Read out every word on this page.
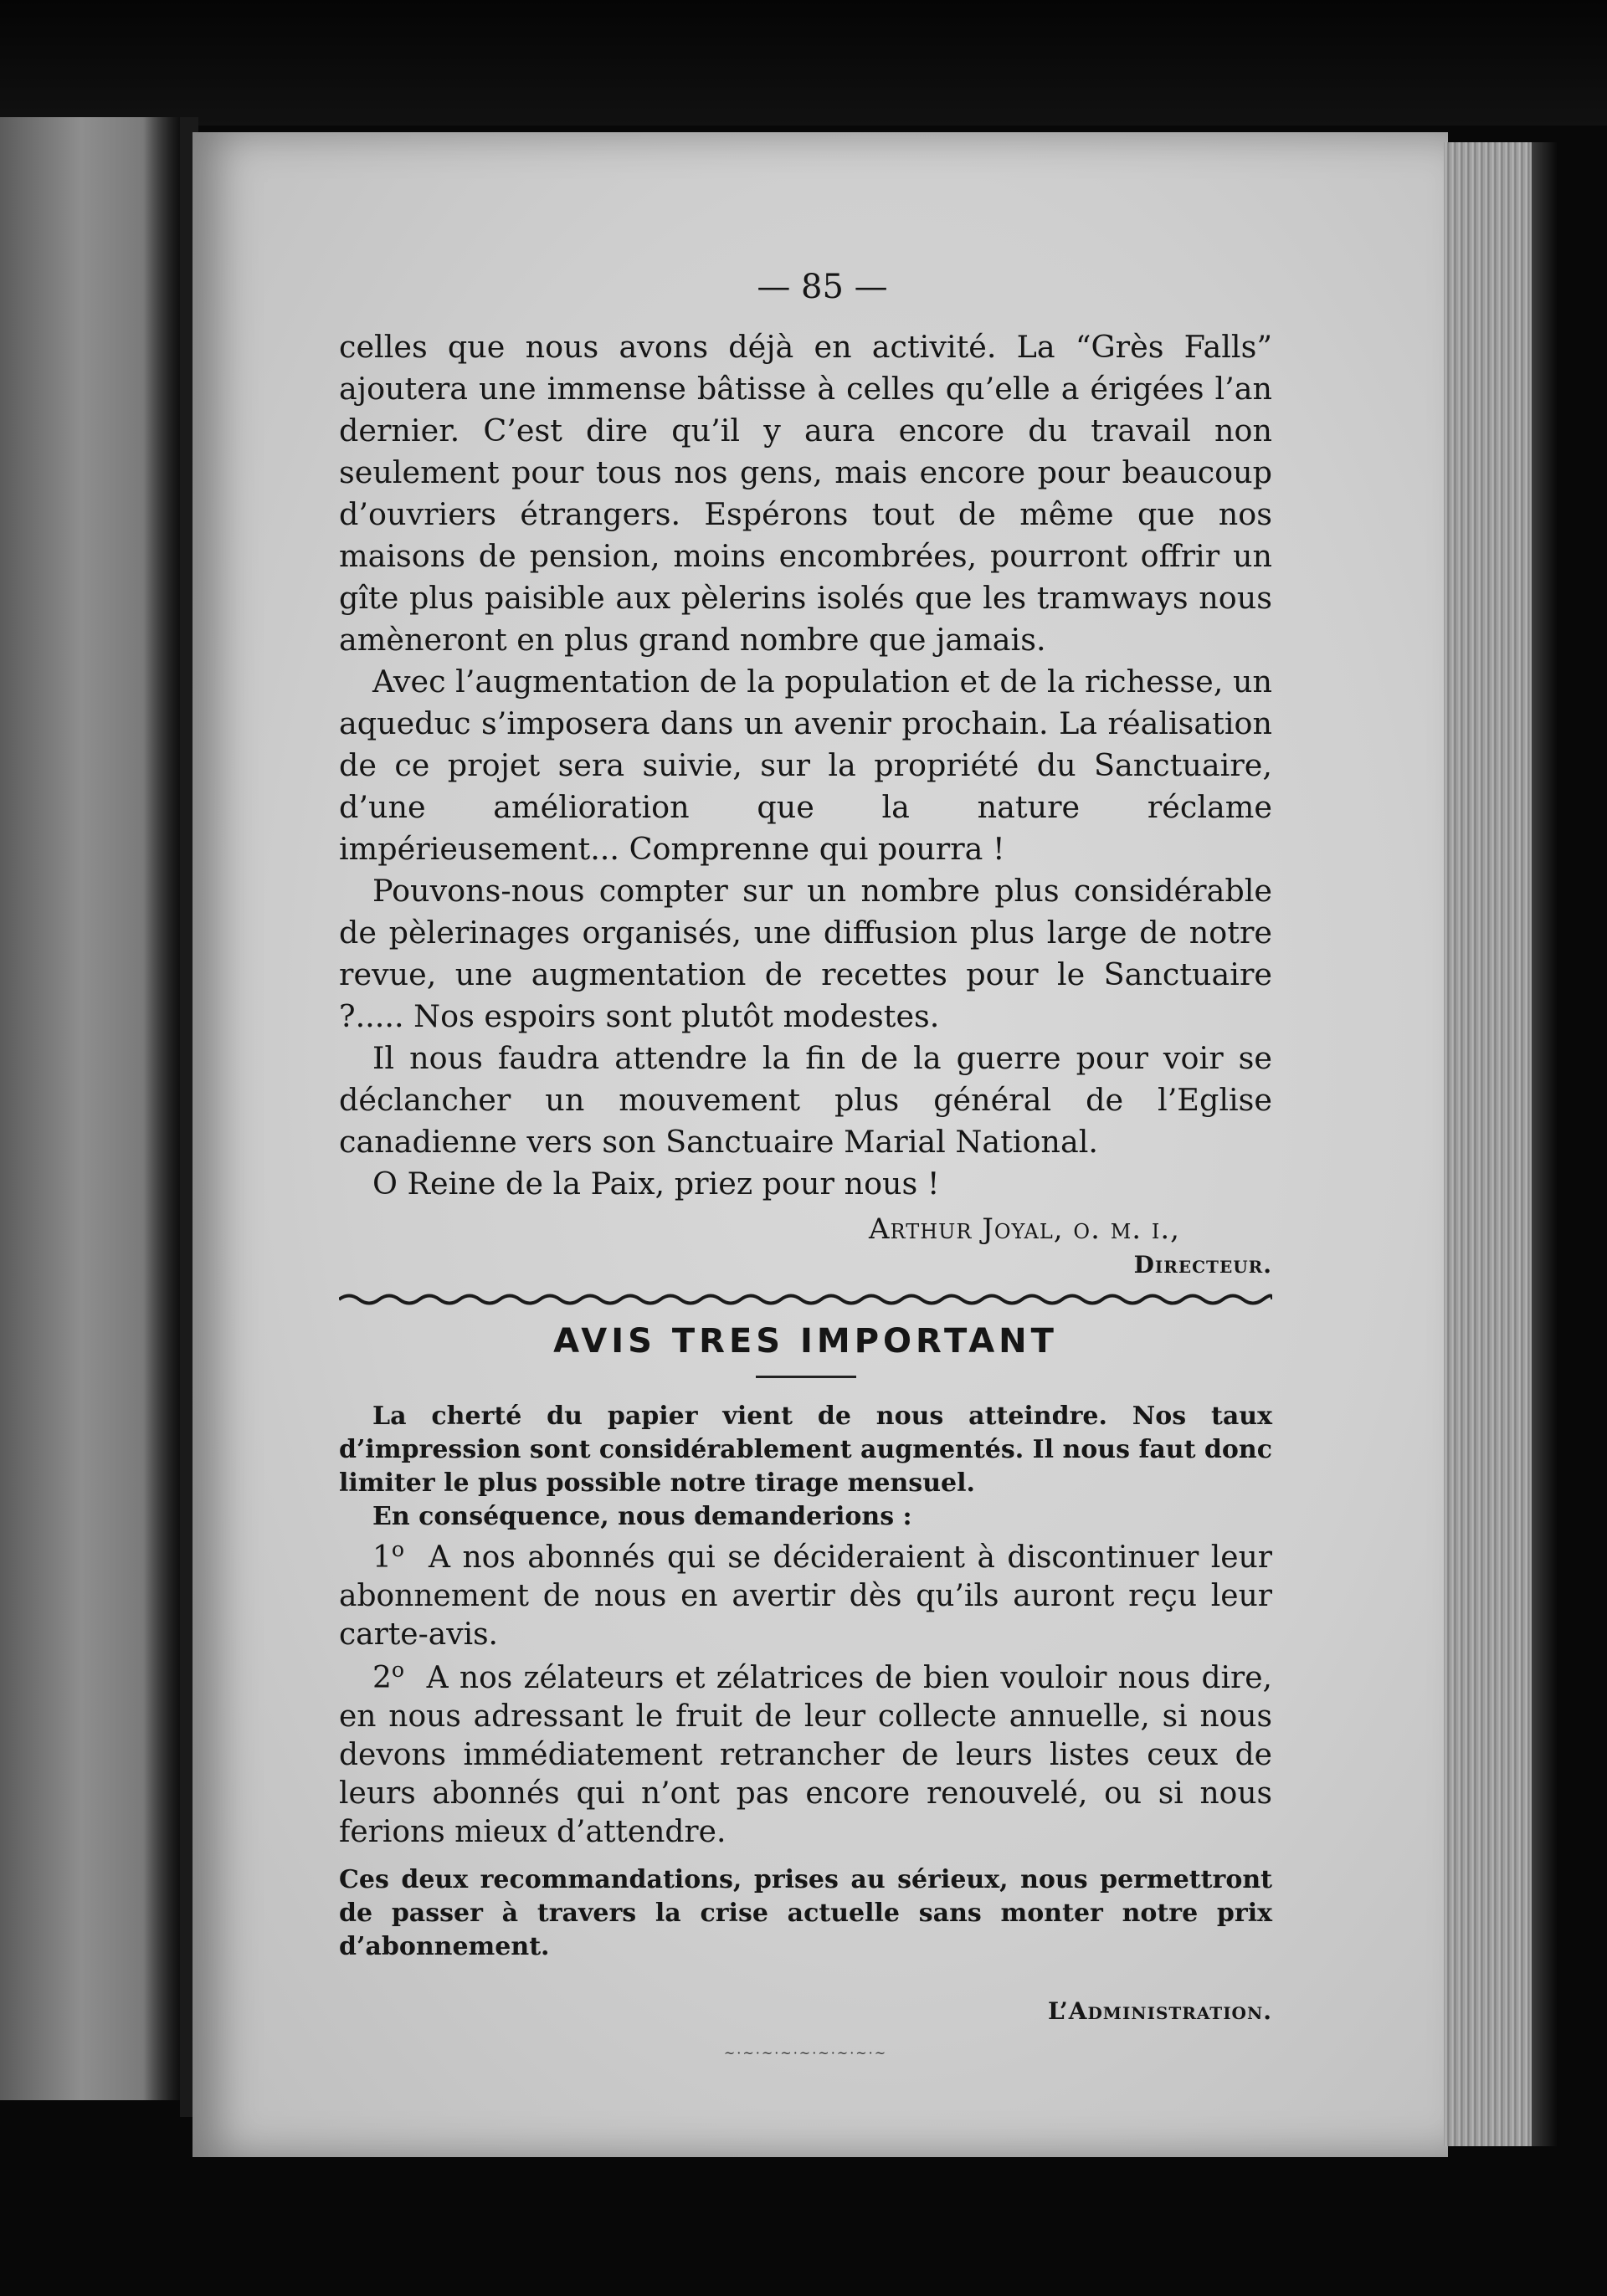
— 85 —

celles que nous avons déjà en activité. La “Grès Falls” ajoutera une immense bâtisse à celles qu’elle a érigées l’an dernier. C’est dire qu’il y aura encore du travail non seulement pour tous nos gens, mais encore pour beaucoup d’ouvriers étrangers. Espérons tout de même que nos maisons de pension, moins encombrées, pourront offrir un gîte plus paisible aux pèlerins isolés que les tramways nous amèneront en plus grand nombre que jamais.

Avec l’augmentation de la population et de la richesse, un aqueduc s’imposera dans un avenir prochain. La réalisation de ce projet sera suivie, sur la propriété du Sanctuaire, d’une amélioration que la nature réclame impérieusement... Comprenne qui pourra !

Pouvons-nous compter sur un nombre plus considérable de pèlerinages organisés, une diffusion plus large de notre revue, une augmentation de recettes pour le Sanctuaire ?..... Nos espoirs sont plutôt modestes.

Il nous faudra attendre la fin de la guerre pour voir se déclancher un mouvement plus général de l’Eglise canadienne vers son Sanctuaire Marial National.

O Reine de la Paix, priez pour nous !

Arthur Joyal, o. m. i.,
Directeur.
AVIS TRES IMPORTANT

La cherté du papier vient de nous atteindre. Nos taux d’impression sont considérablement augmentés. Il nous faut donc limiter le plus possible notre tirage mensuel.

En conséquence, nous demanderions :

1$^o$ A nos abonnés qui se décideraient à discontinuer leur abonnement de nous en avertir dès qu’ils auront reçu leur carte-avis.

2$^o$ A nos zélateurs et zélatrices de bien vouloir nous dire, en nous adressant le fruit de leur collecte annuelle, si nous devons immédiatement retrancher de leurs listes ceux de leurs abonnés qui n’ont pas encore renouvelé, ou si nous ferions mieux d’attendre.

Ces deux recommandations, prises au sérieux, nous permettront de passer à travers la crise actuelle sans monter notre prix d’abonnement.

L’Administration.
~·~·~·~·~·~·~·~·~
